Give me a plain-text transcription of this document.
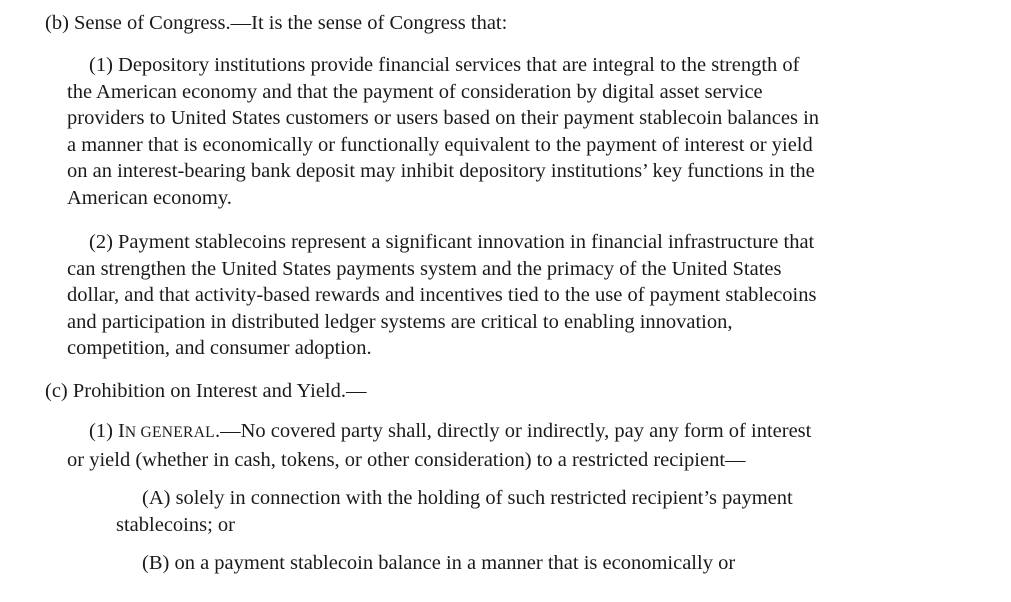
(b) Sense of Congress.—It is the sense of Congress that:
(1) Depository institutions provide financial services that are integral to the strength of
the American economy and that the payment of consideration by digital asset service
providers to United States customers or users based on their payment stablecoin balances in
a manner that is economically or functionally equivalent to the payment of interest or yield
on an interest-bearing bank deposit may inhibit depository institutions’ key functions in the
American economy.
(2) Payment stablecoins represent a significant innovation in financial infrastructure that
can strengthen the United States payments system and the primacy of the United States
dollar, and that activity-based rewards and incentives tied to the use of payment stablecoins
and participation in distributed ledger systems are critical to enabling innovation,
competition, and consumer adoption.
(c) Prohibition on Interest and Yield.—
(1) IN GENERAL.—No covered party shall, directly or indirectly, pay any form of interest
or yield (whether in cash, tokens, or other consideration) to a restricted recipient—
(A) solely in connection with the holding of such restricted recipient’s payment
stablecoins; or
(B) on a payment stablecoin balance in a manner that is economically or
